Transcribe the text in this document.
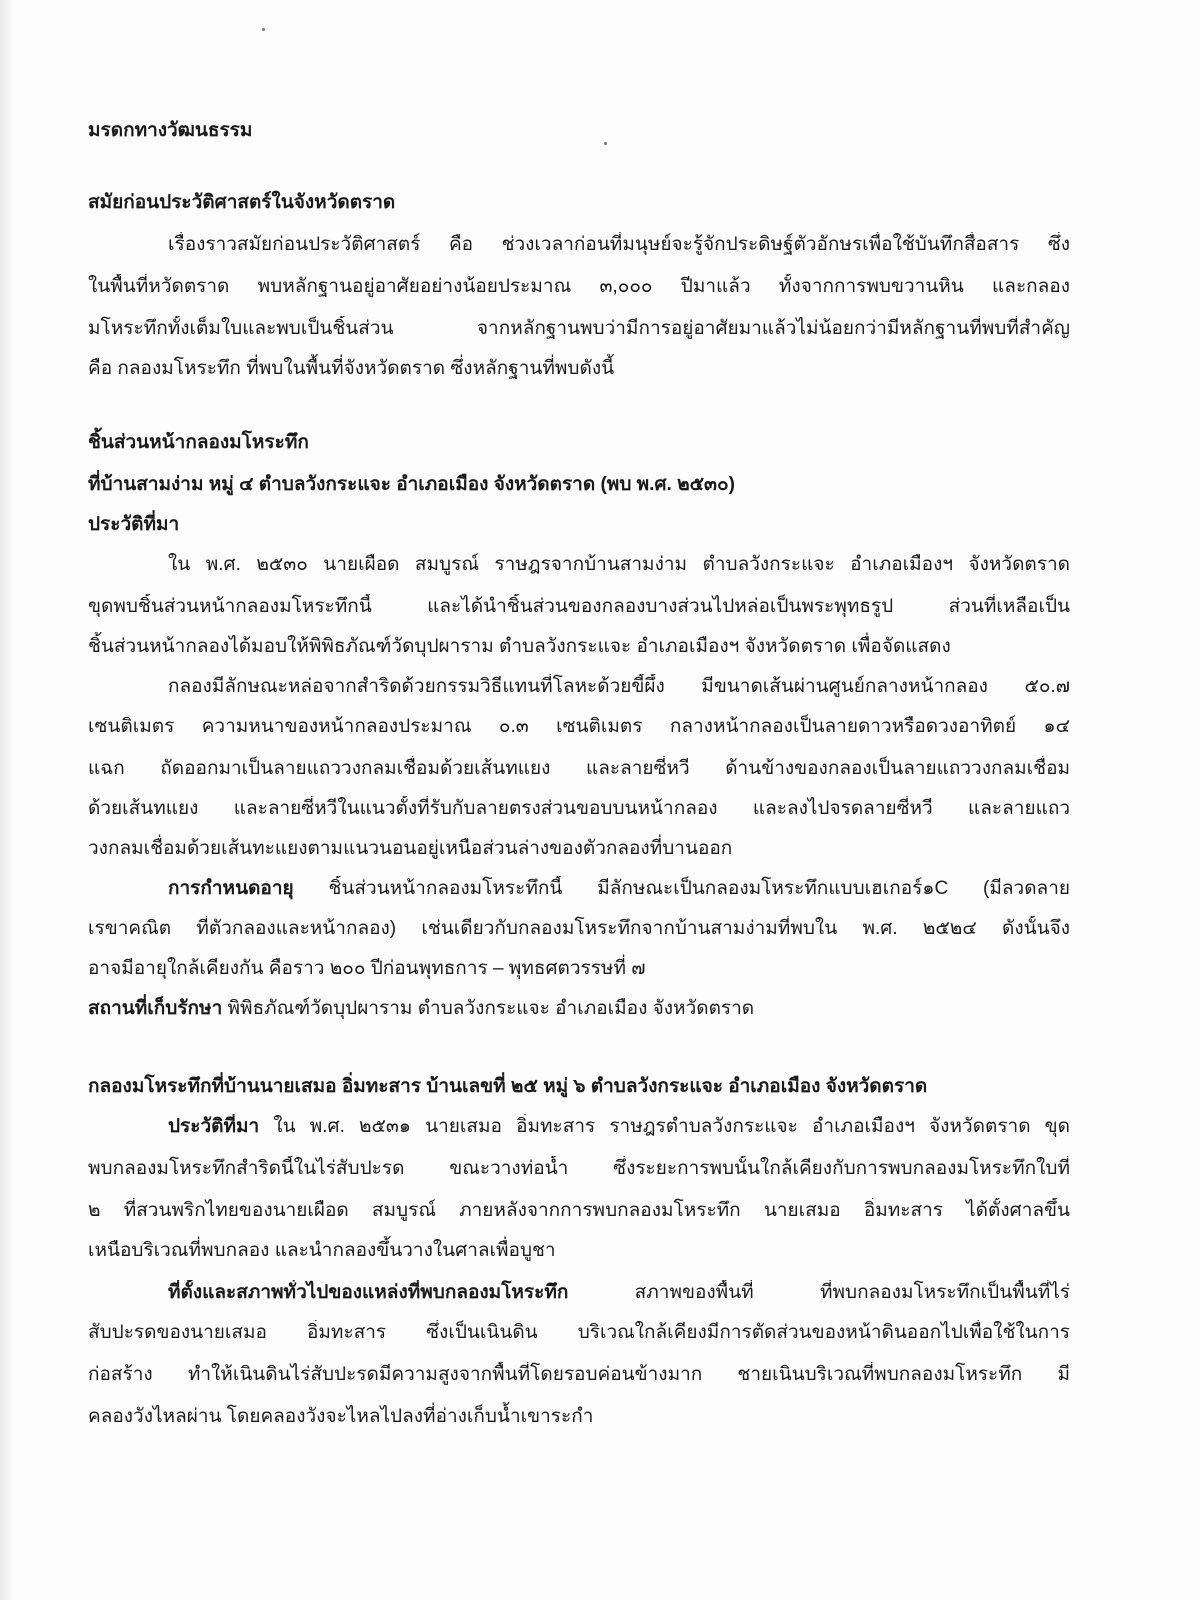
มรดกทางวัฒนธรรม
สมัยก่อนประวัติศาสตร์ในจังหวัดตราด
เรื่องราวสมัยก่อนประวัติศาสตร์ คือ ช่วงเวลาก่อนที่มนุษย์จะรู้จักประดิษฐ์ตัวอักษรเพื่อใช้บันทึกสื่อสาร ซึ่ง
ในพื้นที่หวัดตราด พบหลักฐานอยู่อาศัยอย่างน้อยประมาณ ๓,๐๐๐ ปีมาแล้ว ทั้งจากการพบขวานหิน และกลอง
มโหระทึกทั้งเต็มใบและพบเป็นชิ้นส่วน จากหลักฐานพบว่ามีการอยู่อาศัยมาแล้วไม่น้อยกว่ามีหลักฐานที่พบที่สำคัญ
คือ กลองมโหระทึก ที่พบในพื้นที่จังหวัดตราด ซึ่งหลักฐานที่พบดังนี้
ชิ้นส่วนหน้ากลองมโหระทึก
ที่บ้านสามง่าม หมู่ ๔ ตำบลวังกระแจะ อำเภอเมือง จังหวัดตราด (พบ พ.ศ. ๒๕๓๐)
ประวัติที่มา
ใน พ.ศ. ๒๕๓๐ นายเผือด สมบูรณ์ ราษฎรจากบ้านสามง่าม ตำบลวังกระแจะ อำเภอเมืองฯ จังหวัดตราด
ขุดพบชิ้นส่วนหน้ากลองมโหระทึกนี้ และได้นำชิ้นส่วนของกลองบางส่วนไปหล่อเป็นพระพุทธรูป ส่วนที่เหลือเป็น
ชิ้นส่วนหน้ากลองได้มอบให้พิพิธภัณฑ์วัดบุปผาราม ตำบลวังกระแจะ อำเภอเมืองฯ จังหวัดตราด เพื่อจัดแสดง
กลองมีลักษณะหล่อจากสำริดด้วยกรรมวิธีแทนที่โลหะด้วยขี้ผึ้ง มีขนาดเส้นผ่านศูนย์กลางหน้ากลอง ๕๐.๗
เซนติเมตร ความหนาของหน้ากลองประมาณ ๐.๓ เซนติเมตร กลางหน้ากลองเป็นลายดาวหรือดวงอาทิตย์ ๑๔
แฉก ถัดออกมาเป็นลายแถววงกลมเชื่อมด้วยเส้นทแยง และลายซี่หวี ด้านข้างของกลองเป็นลายแถววงกลมเชื่อม
ด้วยเส้นทแยง และลายซี่หวีในแนวตั้งที่รับกับลายตรงส่วนขอบบนหน้ากลอง และลงไปจรดลายซี่หวี และลายแถว
วงกลมเชื่อมด้วยเส้นทะแยงตามแนวนอนอยู่เหนือส่วนล่างของตัวกลองที่บานออก
การกำหนดอายุ ชิ้นส่วนหน้ากลองมโหระทึกนี้ มีลักษณะเป็นกลองมโหระทึกแบบเฮเกอร์๑C (มีลวดลาย
เรขาคณิต ที่ตัวกลองและหน้ากลอง) เช่นเดียวกับกลองมโหระทึกจากบ้านสามง่ามที่พบใน พ.ศ. ๒๕๒๔ ดังนั้นจึง
อาจมีอายุใกล้เคียงกัน คือราว ๒๐๐ ปีก่อนพุทธการ – พุทธศตวรรษที่ ๗
สถานที่เก็บรักษา พิพิธภัณฑ์วัดบุปผาราม ตำบลวังกระแจะ อำเภอเมือง จังหวัดตราด
กลองมโหระทึกที่บ้านนายเสมอ อิ่มทะสาร บ้านเลขที่ ๒๕ หมู่ ๖ ตำบลวังกระแจะ อำเภอเมือง จังหวัดตราด
ประวัติที่มา ใน พ.ศ. ๒๕๓๑ นายเสมอ อิ่มทะสาร ราษฎรตำบลวังกระแจะ อำเภอเมืองฯ จังหวัดตราด ขุด
พบกลองมโหระทึกสำริดนี้ในไร่สับปะรด ขณะวางท่อน้ำ ซึ่งระยะการพบนั้นใกล้เคียงกับการพบกลองมโหระทึกใบที่
๒ ที่สวนพริกไทยของนายเผือด สมบูรณ์ ภายหลังจากการพบกลองมโหระทึก นายเสมอ อิ่มทะสาร ได้ตั้งศาลขึ้น
เหนือบริเวณที่พบกลอง และนำกลองขึ้นวางในศาลเพื่อบูชา
ที่ตั้งและสภาพทั่วไปของแหล่งที่พบกลองมโหระทึก สภาพของพื้นที่ ที่พบกลองมโหระทึกเป็นพื้นที่ไร่
สับปะรดของนายเสมอ อิ่มทะสาร ซึ่งเป็นเนินดิน บริเวณใกล้เคียงมีการตัดส่วนของหน้าดินออกไปเพื่อใช้ในการ
ก่อสร้าง ทำให้เนินดินไร่สับปะรดมีความสูงจากพื้นที่โดยรอบค่อนข้างมาก ชายเนินบริเวณที่พบกลองมโหระทึก มี
คลองวังไหลผ่าน โดยคลองวังจะไหลไปลงที่อ่างเก็บน้ำเขาระกำ
